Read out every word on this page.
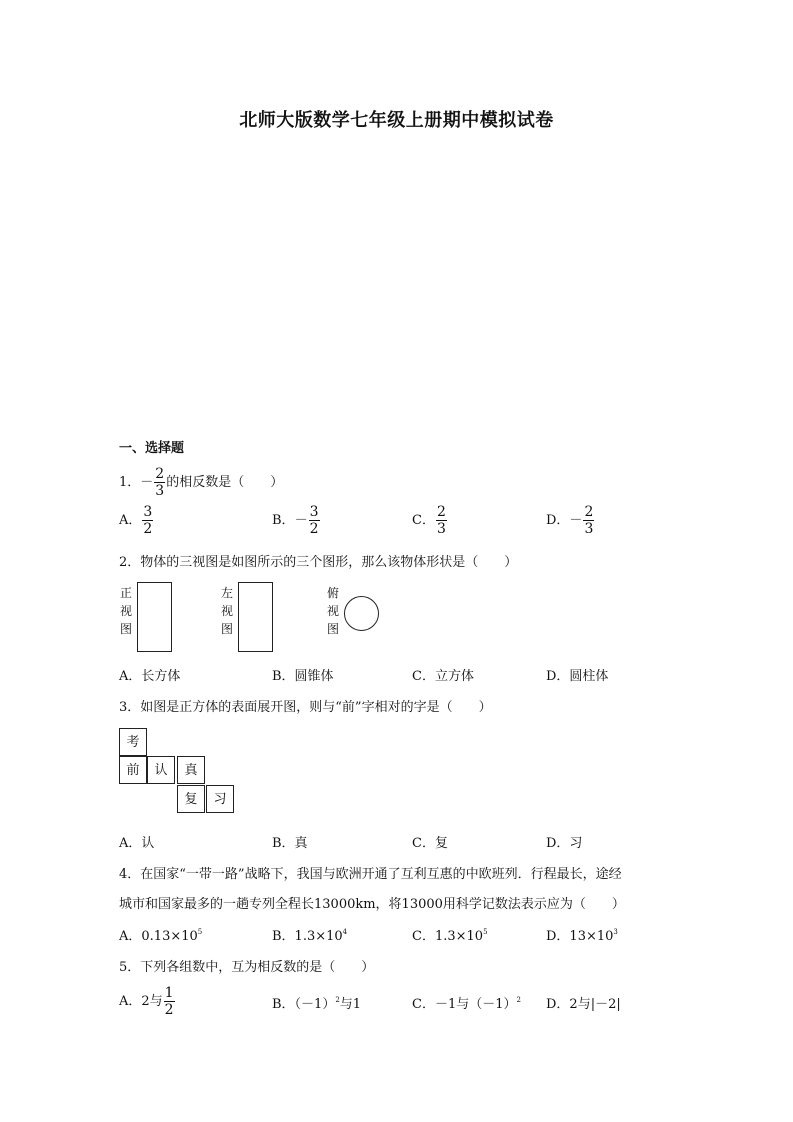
北师大版数学七年级上册期中模拟试卷
一、选择题
1．－ $\frac{2}{3}$ 的相反数是（　　）
A． $\frac{3}{2}$	B．－ $\frac{3}{2}$	C． $\frac{2}{3}$	D．－ $\frac{2}{3}$
2．物体的三视图是如图所示的三个图形，那么该物体形状是（　　）
正视图
左视图
俯视图
A．长方体	B．圆锥体	C．立方体	D．圆柱体
3．如图是正方体的表面展开图，则与“前”字相对的字是（　　）
考
前	认	真
复	习
A．认	B．真	C．复	D．习
4．在国家“一带一路”战略下，我国与欧洲开通了互利互惠的中欧班列．行程最长，途经
城市和国家最多的一趟专列全程长13000km，将13000用科学记数法表示应为（　　）
A．$0.13\times 10^5$	B．$1.3\times 10^4$	C．$1.3\times 10^5$	D．$13\times 10^3$
5．下列各组数中，互为相反数的是（　　）
A．2与 $\frac{1}{2}$	B．$(-1)^2$与1	C．－1与$(-1)^2$ D．2与|－2|
